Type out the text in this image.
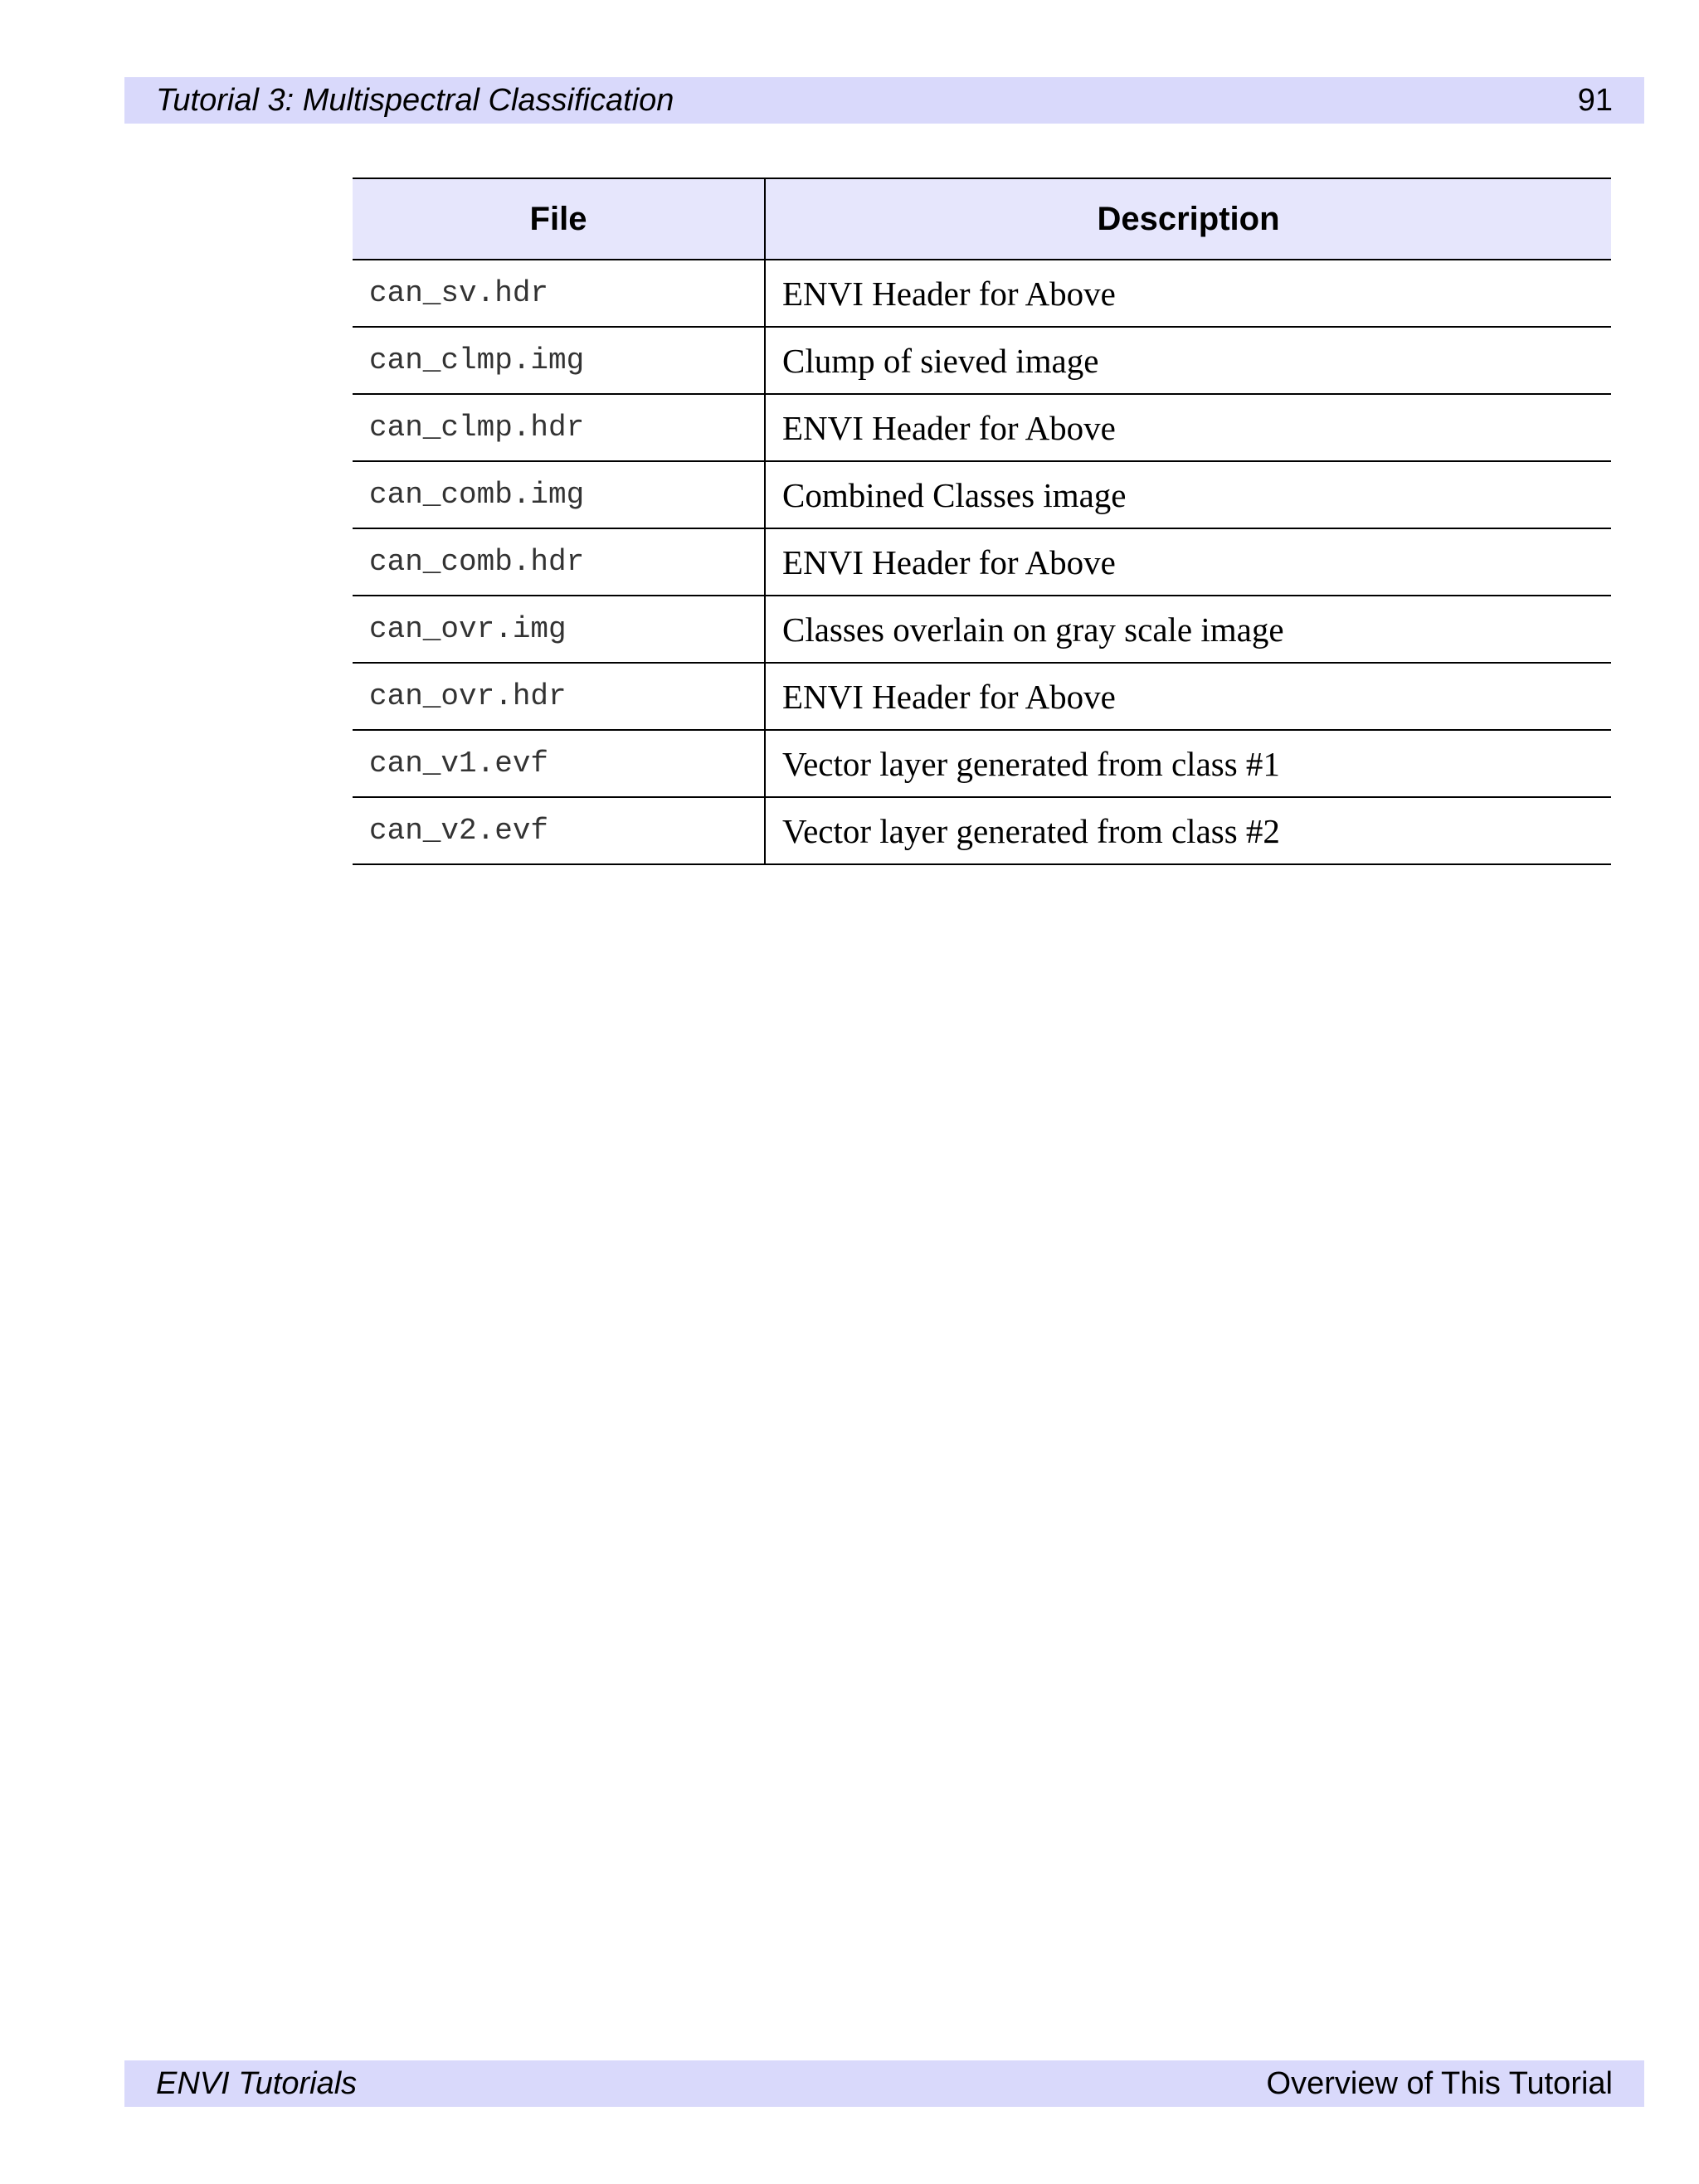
Tutorial 3: Multispectral Classification	91
File	Description
can_sv.hdr	ENVI Header for Above
can_clmp.img	Clump of sieved image
can_clmp.hdr	ENVI Header for Above
can_comb.img	Combined Classes image
can_comb.hdr	ENVI Header for Above
can_ovr.img	Classes overlain on gray scale image
can_ovr.hdr	ENVI Header for Above
can_v1.evf	Vector layer generated from class #1
can_v2.evf	Vector layer generated from class #2
ENVI Tutorials	Overview of This Tutorial
